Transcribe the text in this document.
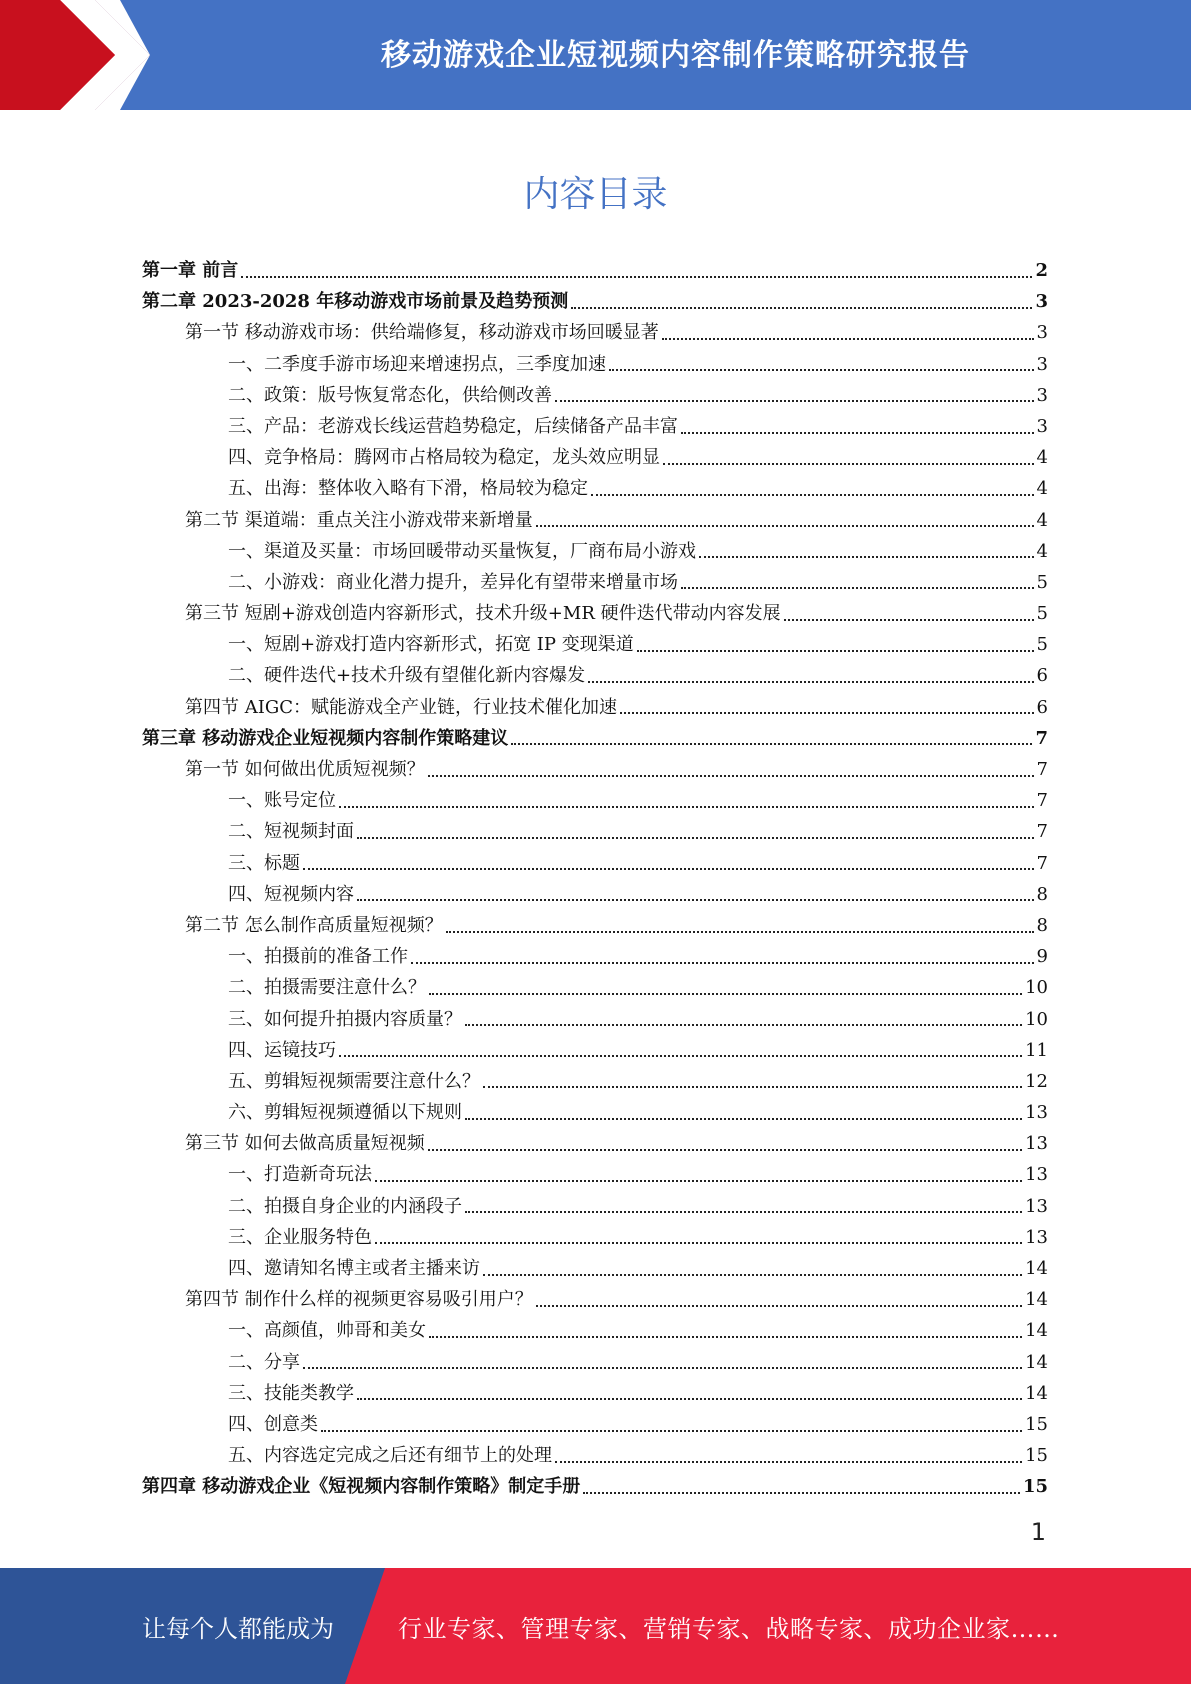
移动游戏企业短视频内容制作策略研究报告
内容目录
第一章 前言	2
第二章 2023-2028 年移动游戏市场前景及趋势预测	3
第一节 移动游戏市场：供给端修复，移动游戏市场回暖显著	3
一、二季度手游市场迎来增速拐点，三季度加速	3
二、政策：版号恢复常态化，供给侧改善	3
三、产品：老游戏长线运营趋势稳定，后续储备产品丰富	3
四、竞争格局：腾网市占格局较为稳定，龙头效应明显	4
五、出海：整体收入略有下滑，格局较为稳定	4
第二节 渠道端：重点关注小游戏带来新增量	4
一、渠道及买量：市场回暖带动买量恢复，厂商布局小游戏	4
二、小游戏：商业化潜力提升，差异化有望带来增量市场	5
第三节 短剧+游戏创造内容新形式，技术升级+MR 硬件迭代带动内容发展	5
一、短剧+游戏打造内容新形式，拓宽 IP 变现渠道	5
二、硬件迭代+技术升级有望催化新内容爆发	6
第四节 AIGC：赋能游戏全产业链，行业技术催化加速	6
第三章 移动游戏企业短视频内容制作策略建议	7
第一节 如何做出优质短视频？	7
一、账号定位	7
二、短视频封面	7
三、标题	7
四、短视频内容	8
第二节 怎么制作高质量短视频？	8
一、拍摄前的准备工作	9
二、拍摄需要注意什么？	10
三、如何提升拍摄内容质量？	10
四、运镜技巧	11
五、剪辑短视频需要注意什么？	12
六、剪辑短视频遵循以下规则	13
第三节 如何去做高质量短视频	13
一、打造新奇玩法	13
二、拍摄自身企业的内涵段子	13
三、企业服务特色	13
四、邀请知名博主或者主播来访	14
第四节 制作什么样的视频更容易吸引用户？	14
一、高颜值，帅哥和美女	14
二、分享	14
三、技能类教学	14
四、创意类	15
五、内容选定完成之后还有细节上的处理	15
第四章 移动游戏企业《短视频内容制作策略》制定手册	15
1
让每个人都能成为	行业专家、管理专家、营销专家、战略专家、成功企业家……
